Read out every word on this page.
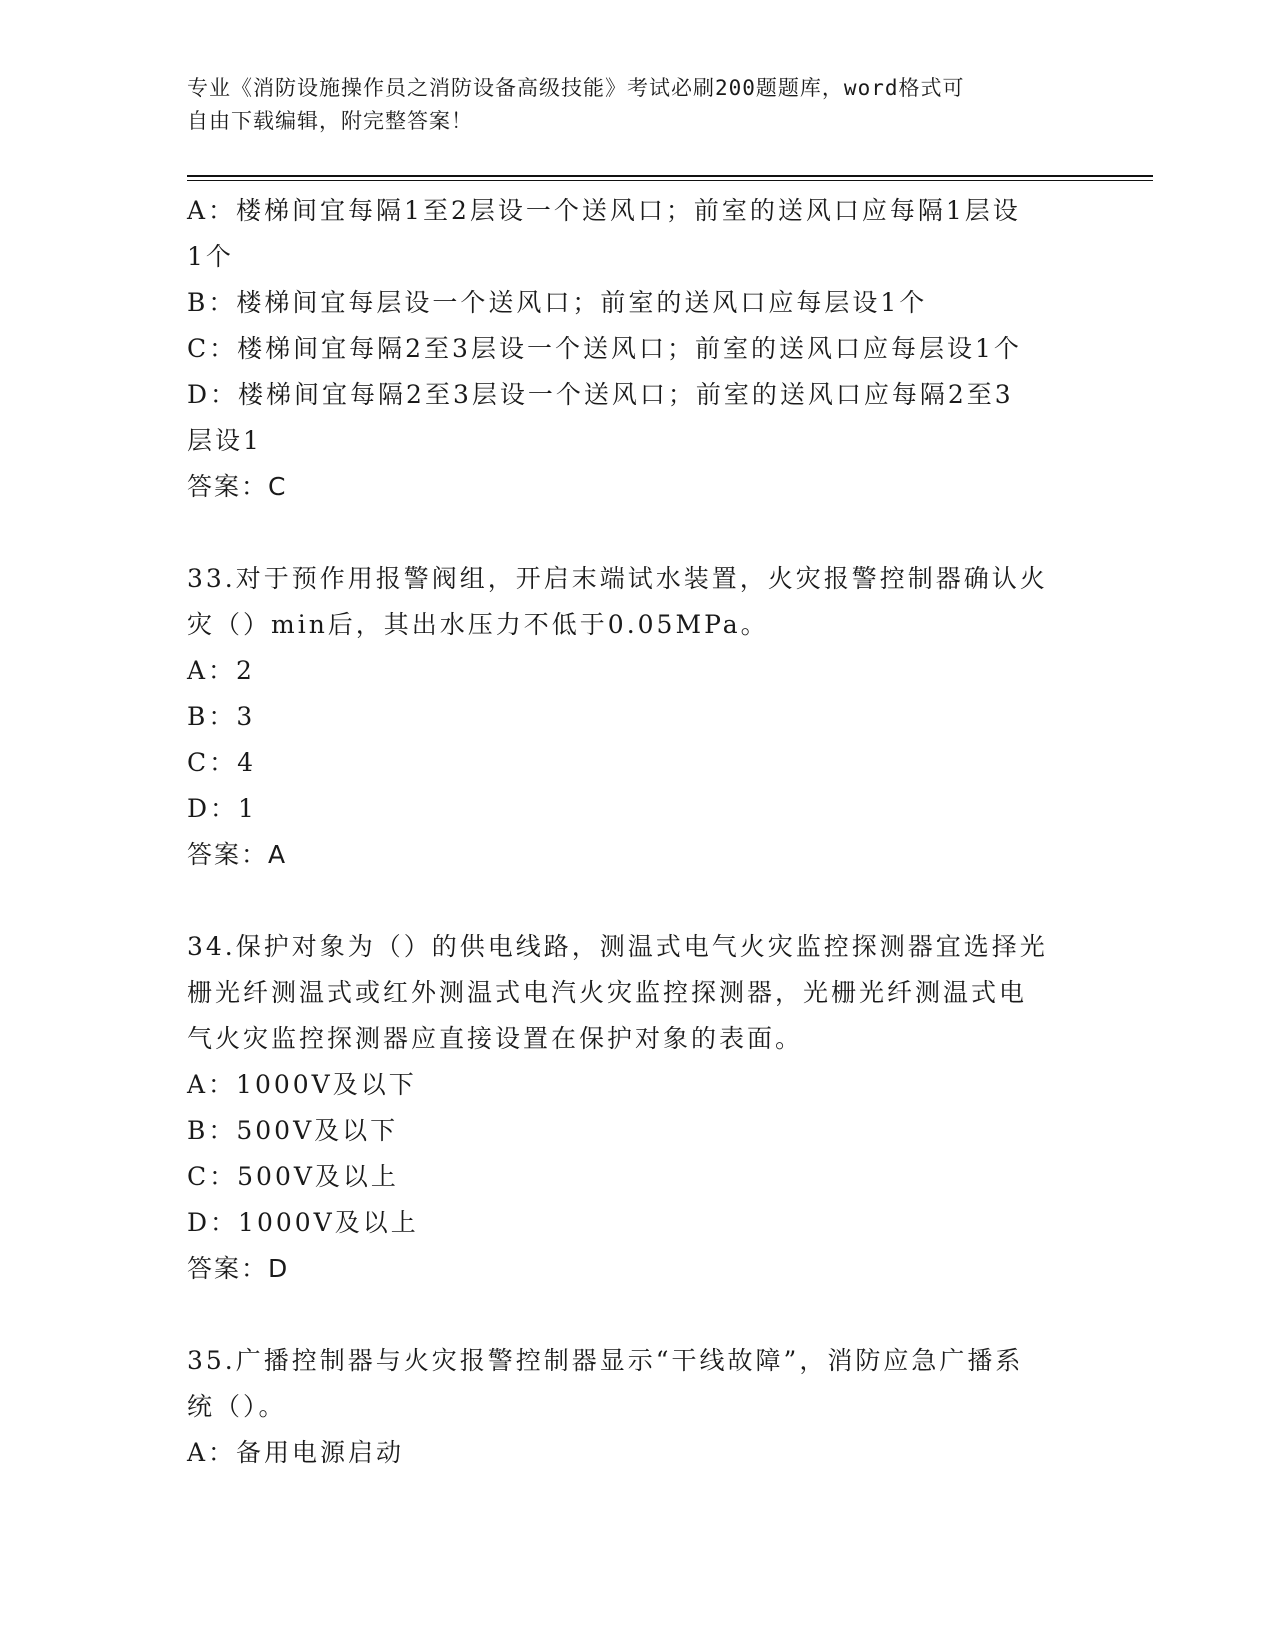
专业《消防设施操作员之消防设备高级技能》考试必刷200题题库，word格式可
自由下载编辑，附完整答案！
A：楼梯间宜每隔1至2层设一个送风口；前室的送风口应每隔1层设
1个
B：楼梯间宜每层设一个送风口；前室的送风口应每层设1个
C：楼梯间宜每隔2至3层设一个送风口；前室的送风口应每层设1个
D：楼梯间宜每隔2至3层设一个送风口；前室的送风口应每隔2至3
层设1
答案：C
33.对于预作用报警阀组，开启末端试水装置，火灾报警控制器确认火
灾（）min后，其出水压力不低于0.05MPa。
A：2
B：3
C：4
D：1
答案：A
34.保护对象为（）的供电线路，测温式电气火灾监控探测器宜选择光
栅光纤测温式或红外测温式电汽火灾监控探测器，光栅光纤测温式电
气火灾监控探测器应直接设置在保护对象的表面。
A：1000V及以下
B：500V及以下
C：500V及以上
D：1000V及以上
答案：D
35.广播控制器与火灾报警控制器显示“干线故障”，消防应急广播系
统（）。
A：备用电源启动
